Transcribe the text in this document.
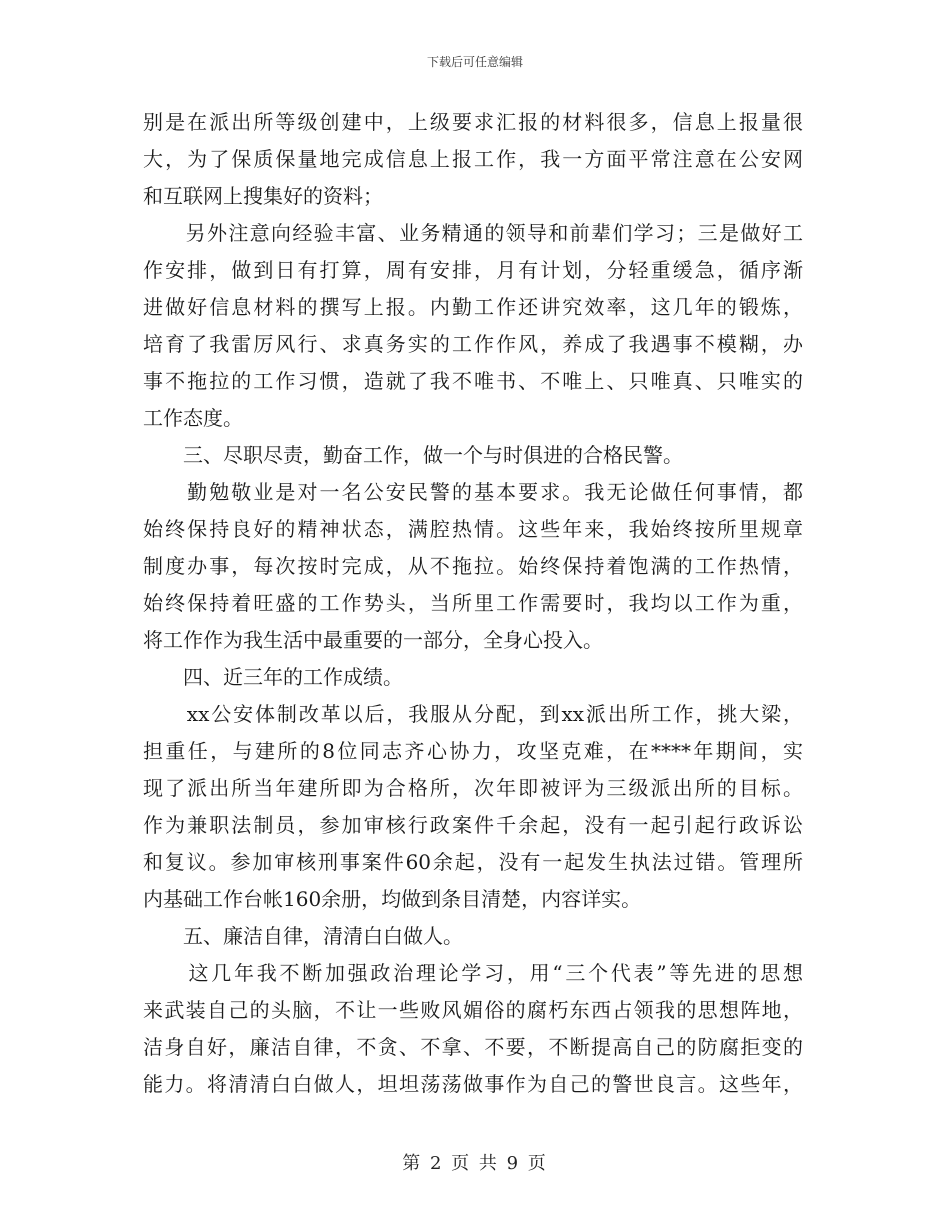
下载后可任意编辑
别是在派出所等级创建中，上级要求汇报的材料很多，信息上报量很
大，为了保质保量地完成信息上报工作，我一方面平常注意在公安网
和互联网上搜集好的资料；
　　另外注意向经验丰富、业务精通的领导和前辈们学习；三是做好工
作安排，做到日有打算，周有安排，月有计划，分轻重缓急，循序渐
进做好信息材料的撰写上报。内勤工作还讲究效率，这几年的锻炼，
培育了我雷厉风行、求真务实的工作作风，养成了我遇事不模糊，办
事不拖拉的工作习惯，造就了我不唯书、不唯上、只唯真、只唯实的
工作态度。
　　三、尽职尽责，勤奋工作，做一个与时俱进的合格民警。
　　勤勉敬业是对一名公安民警的基本要求。我无论做任何事情，都
始终保持良好的精神状态，满腔热情。这些年来，我始终按所里规章
制度办事，每次按时完成，从不拖拉。始终保持着饱满的工作热情，
始终保持着旺盛的工作势头，当所里工作需要时，我均以工作为重，
将工作作为我生活中最重要的一部分，全身心投入。
　　四、近三年的工作成绩。
　　xx公安体制改革以后，我服从分配，到xx派出所工作，挑大梁，
担重任，与建所的8位同志齐心协力，攻坚克难，在****年期间，实
现了派出所当年建所即为合格所，次年即被评为三级派出所的目标。
作为兼职法制员，参加审核行政案件千余起，没有一起引起行政诉讼
和复议。参加审核刑事案件60余起，没有一起发生执法过错。管理所
内基础工作台帐160余册，均做到条目清楚，内容详实。
　　五、廉洁自律，清清白白做人。
　　这几年我不断加强政治理论学习，用“三个代表”等先进的思想
来武装自己的头脑，不让一些败风媚俗的腐朽东西占领我的思想阵地，
洁身自好，廉洁自律，不贪、不拿、不要，不断提高自己的防腐拒变的
能力。将清清白白做人，坦坦荡荡做事作为自己的警世良言。这些年，
第 2 页 共 9 页
